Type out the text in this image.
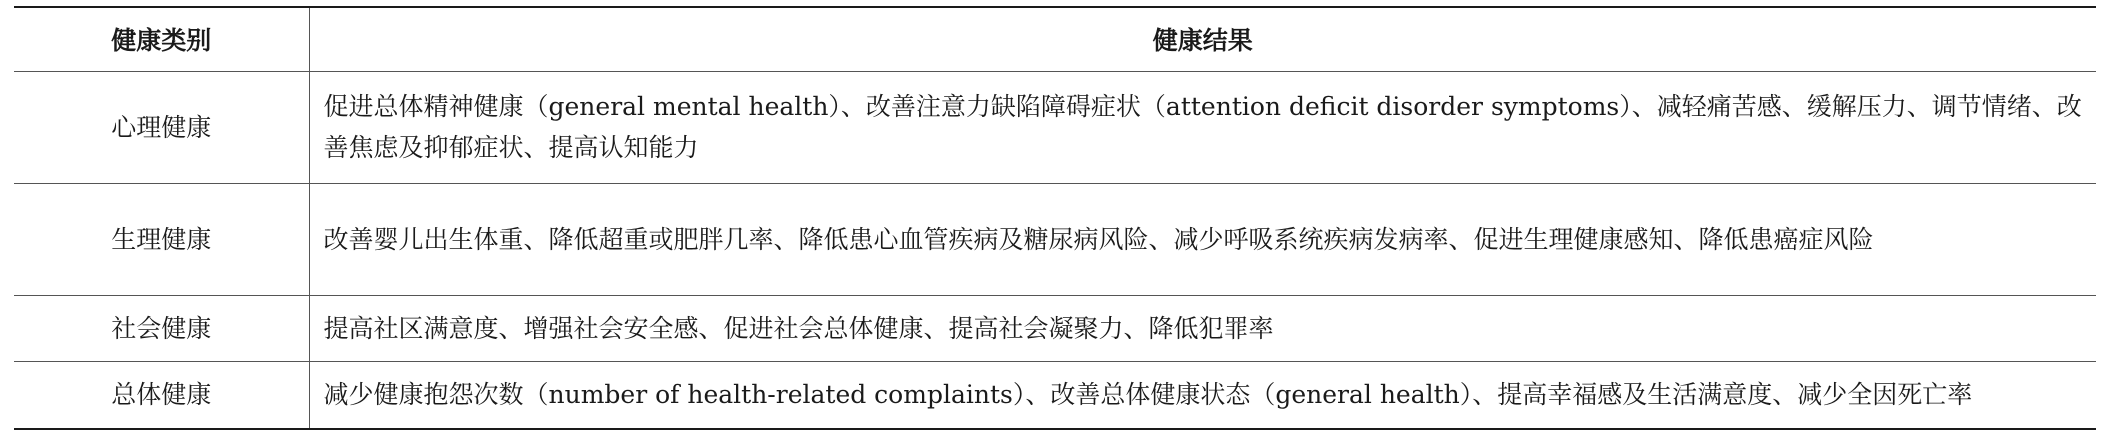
健康类别	健康结果
心理健康	促进总体精神健康（general mental health）、改善注意力缺陷障碍症状（attention deficit disorder symptoms）、减轻痛苦感、缓解压力、调节情绪、改善焦虑及抑郁症状、提高认知能力
生理健康	改善婴儿出生体重、降低超重或肥胖几率、降低患心血管疾病及糖尿病风险、减少呼吸系统疾病发病率、促进生理健康感知、降低患癌症风险
社会健康	提高社区满意度、增强社会安全感、促进社会总体健康、提高社会凝聚力、降低犯罪率
总体健康	减少健康抱怨次数（number of health-related complaints）、改善总体健康状态（general health）、提高幸福感及生活满意度、减少全因死亡率
